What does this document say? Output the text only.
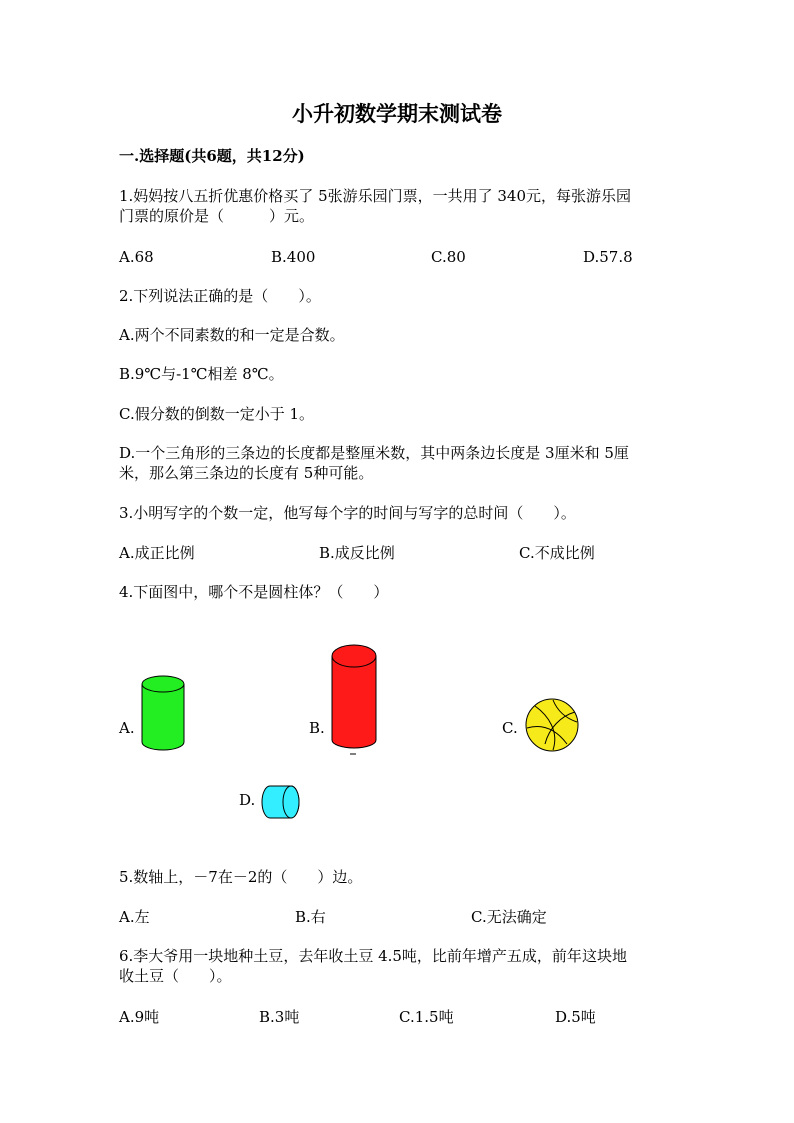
小升初数学期末测试卷
一.选择题(共6题，共12分)
1.妈妈按八五折优惠价格买了 5张游乐园门票，一共用了 340元，每张游乐园
门票的原价是（　　　）元。
A.68	B.400	C.80	D.57.8
2.下列说法正确的是（　　）。
A.两个不同素数的和一定是合数。
B.9℃与-1℃相差 8℃。
C.假分数的倒数一定小于 1。
D.一个三角形的三条边的长度都是整厘米数，其中两条边长度是 3厘米和 5厘
米，那么第三条边的长度有 5种可能。
3.小明写字的个数一定，他写每个字的时间与写字的总时间（　　）。
A.成正比例	B.成反比例	C.不成比例
4.下面图中，哪个不是圆柱体？（　　）
A.	B.	C.
D.
5.数轴上，－7在－2的（　　）边。
A.左	B.右	C.无法确定
6.李大爷用一块地种土豆，去年收土豆 4.5吨，比前年增产五成，前年这块地
收土豆（　　）。
A.9吨	B.3吨	C.1.5吨	D.5吨
